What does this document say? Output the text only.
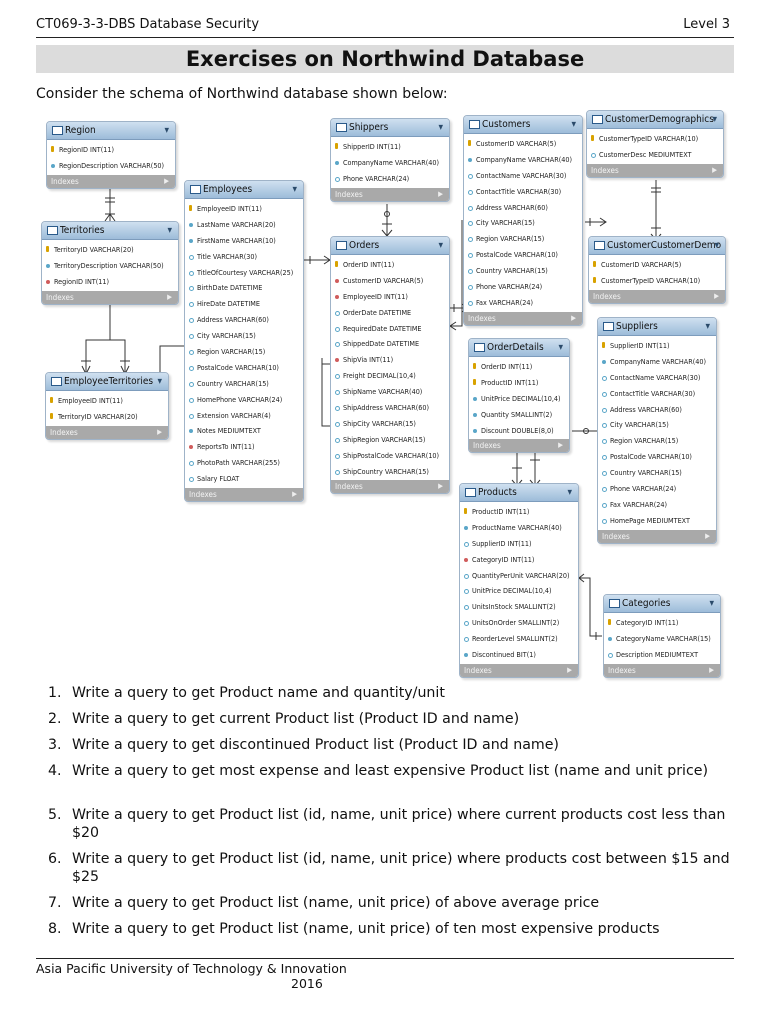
CT069-3-3-DBS Database Security	Level 3
Exercises on Northwind Database
Consider the schema of Northwind database shown below:
Region ▾
RegionID INT(11)
RegionDescription VARCHAR(50)
Indexes ▶
Territories ▾
TerritoryID VARCHAR(20)
TerritoryDescription VARCHAR(50)
RegionID INT(11)
Indexes ▶
EmployeeTerritories ▾
EmployeeID INT(11)
TerritoryID VARCHAR(20)
Indexes ▶
Employees ▾
EmployeeID INT(11)
LastName VARCHAR(20)
FirstName VARCHAR(10)
Title VARCHAR(30)
TitleOfCourtesy VARCHAR(25)
BirthDate DATETIME
HireDate DATETIME
Address VARCHAR(60)
City VARCHAR(15)
Region VARCHAR(15)
PostalCode VARCHAR(10)
Country VARCHAR(15)
HomePhone VARCHAR(24)
Extension VARCHAR(4)
Notes MEDIUMTEXT
ReportsTo INT(11)
PhotoPath VARCHAR(255)
Salary FLOAT
Indexes ▶
Shippers ▾
ShipperID INT(11)
CompanyName VARCHAR(40)
Phone VARCHAR(24)
Indexes ▶
Orders ▾
OrderID INT(11)
CustomerID VARCHAR(5)
EmployeeID INT(11)
OrderDate DATETIME
RequiredDate DATETIME
ShippedDate DATETIME
ShipVia INT(11)
Freight DECIMAL(10,4)
ShipName VARCHAR(40)
ShipAddress VARCHAR(60)
ShipCity VARCHAR(15)
ShipRegion VARCHAR(15)
ShipPostalCode VARCHAR(10)
ShipCountry VARCHAR(15)
Indexes ▶
Customers ▾
CustomerID VARCHAR(5)
CompanyName VARCHAR(40)
ContactName VARCHAR(30)
ContactTitle VARCHAR(30)
Address VARCHAR(60)
City VARCHAR(15)
Region VARCHAR(15)
PostalCode VARCHAR(10)
Country VARCHAR(15)
Phone VARCHAR(24)
Fax VARCHAR(24)
Indexes ▶
CustomerDemographics ▾
CustomerTypeID VARCHAR(10)
CustomerDesc MEDIUMTEXT
Indexes ▶
CustomerCustomerDemo ▾
CustomerID VARCHAR(5)
CustomerTypeID VARCHAR(10)
Indexes ▶
OrderDetails ▾
OrderID INT(11)
ProductID INT(11)
UnitPrice DECIMAL(10,4)
Quantity SMALLINT(2)
Discount DOUBLE(8,0)
Indexes ▶
Suppliers ▾
SupplierID INT(11)
CompanyName VARCHAR(40)
ContactName VARCHAR(30)
ContactTitle VARCHAR(30)
Address VARCHAR(60)
City VARCHAR(15)
Region VARCHAR(15)
PostalCode VARCHAR(10)
Country VARCHAR(15)
Phone VARCHAR(24)
Fax VARCHAR(24)
HomePage MEDIUMTEXT
Indexes ▶
Products ▾
ProductID INT(11)
ProductName VARCHAR(40)
SupplierID INT(11)
CategoryID INT(11)
QuantityPerUnit VARCHAR(20)
UnitPrice DECIMAL(10,4)
UnitsInStock SMALLINT(2)
UnitsOnOrder SMALLINT(2)
ReorderLevel SMALLINT(2)
Discontinued BIT(1)
Indexes ▶
Categories ▾
CategoryID INT(11)
CategoryName VARCHAR(15)
Description MEDIUMTEXT
Indexes ▶
1. Write a query to get Product name and quantity/unit
2. Write a query to get current Product list (Product ID and name)
3. Write a query to get discontinued Product list (Product ID and name)
4. Write a query to get most expense and least expensive Product list (name and unit price)
5. Write a query to get Product list (id, name, unit price) where current products cost less than $20
6. Write a query to get Product list (id, name, unit price) where products cost between $15 and $25
7. Write a query to get Product list (name, unit price) of above average price
8. Write a query to get Product list (name, unit price) of ten most expensive products
Asia Pacific University of Technology & Innovation
2016
